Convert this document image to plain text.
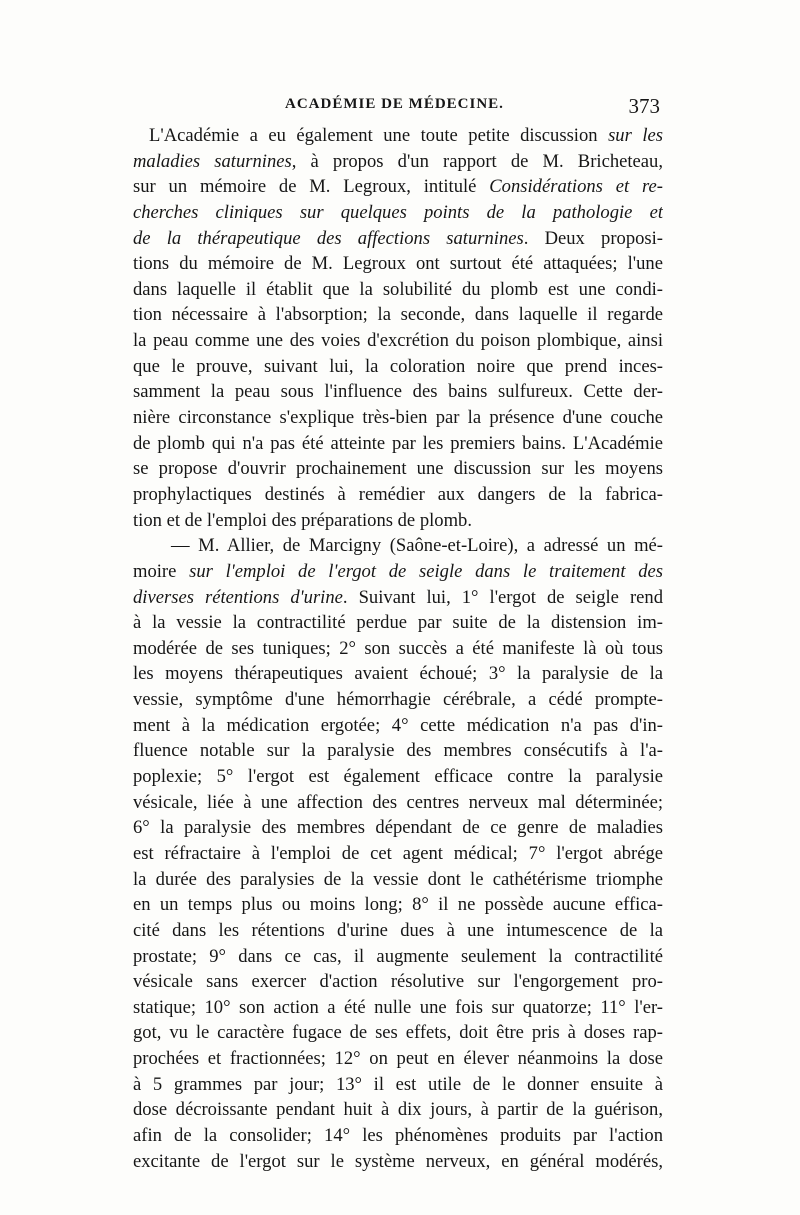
ACADÉMIE DE MÉDECINE.	373
L'Académie a eu également une toute petite discussion sur les
maladies saturnines, à propos d'un rapport de M. Bricheteau,
sur un mémoire de M. Legroux, intitulé Considérations et re-
cherches cliniques sur quelques points de la pathologie et
de la thérapeutique des affections saturnines. Deux proposi-
tions du mémoire de M. Legroux ont surtout été attaquées; l'une
dans laquelle il établit que la solubilité du plomb est une condi-
tion nécessaire à l'absorption; la seconde, dans laquelle il regarde
la peau comme une des voies d'excrétion du poison plombique, ainsi
que le prouve, suivant lui, la coloration noire que prend inces-
samment la peau sous l'influence des bains sulfureux. Cette der-
nière circonstance s'explique très-bien par la présence d'une couche
de plomb qui n'a pas été atteinte par les premiers bains. L'Académie
se propose d'ouvrir prochainement une discussion sur les moyens
prophylactiques destinés à remédier aux dangers de la fabrica-
tion et de l'emploi des préparations de plomb.
— M. Allier, de Marcigny (Saône-et-Loire), a adressé un mé-
moire sur l'emploi de l'ergot de seigle dans le traitement des
diverses rétentions d'urine. Suivant lui, 1° l'ergot de seigle rend
à la vessie la contractilité perdue par suite de la distension im-
modérée de ses tuniques; 2° son succès a été manifeste là où tous
les moyens thérapeutiques avaient échoué; 3° la paralysie de la
vessie, symptôme d'une hémorrhagie cérébrale, a cédé prompte-
ment à la médication ergotée; 4° cette médication n'a pas d'in-
fluence notable sur la paralysie des membres consécutifs à l'a-
poplexie; 5° l'ergot est également efficace contre la paralysie
vésicale, liée à une affection des centres nerveux mal déterminée;
6° la paralysie des membres dépendant de ce genre de maladies
est réfractaire à l'emploi de cet agent médical; 7° l'ergot abrége
la durée des paralysies de la vessie dont le cathétérisme triomphe
en un temps plus ou moins long; 8° il ne possède aucune effica-
cité dans les rétentions d'urine dues à une intumescence de la
prostate; 9° dans ce cas, il augmente seulement la contractilité
vésicale sans exercer d'action résolutive sur l'engorgement pro-
statique; 10° son action a été nulle une fois sur quatorze; 11° l'er-
got, vu le caractère fugace de ses effets, doit être pris à doses rap-
prochées et fractionnées; 12° on peut en élever néanmoins la dose
à 5 grammes par jour; 13° il est utile de le donner ensuite à
dose décroissante pendant huit à dix jours, à partir de la guérison,
afin de la consolider; 14° les phénomènes produits par l'action
excitante de l'ergot sur le système nerveux, en général modérés,
